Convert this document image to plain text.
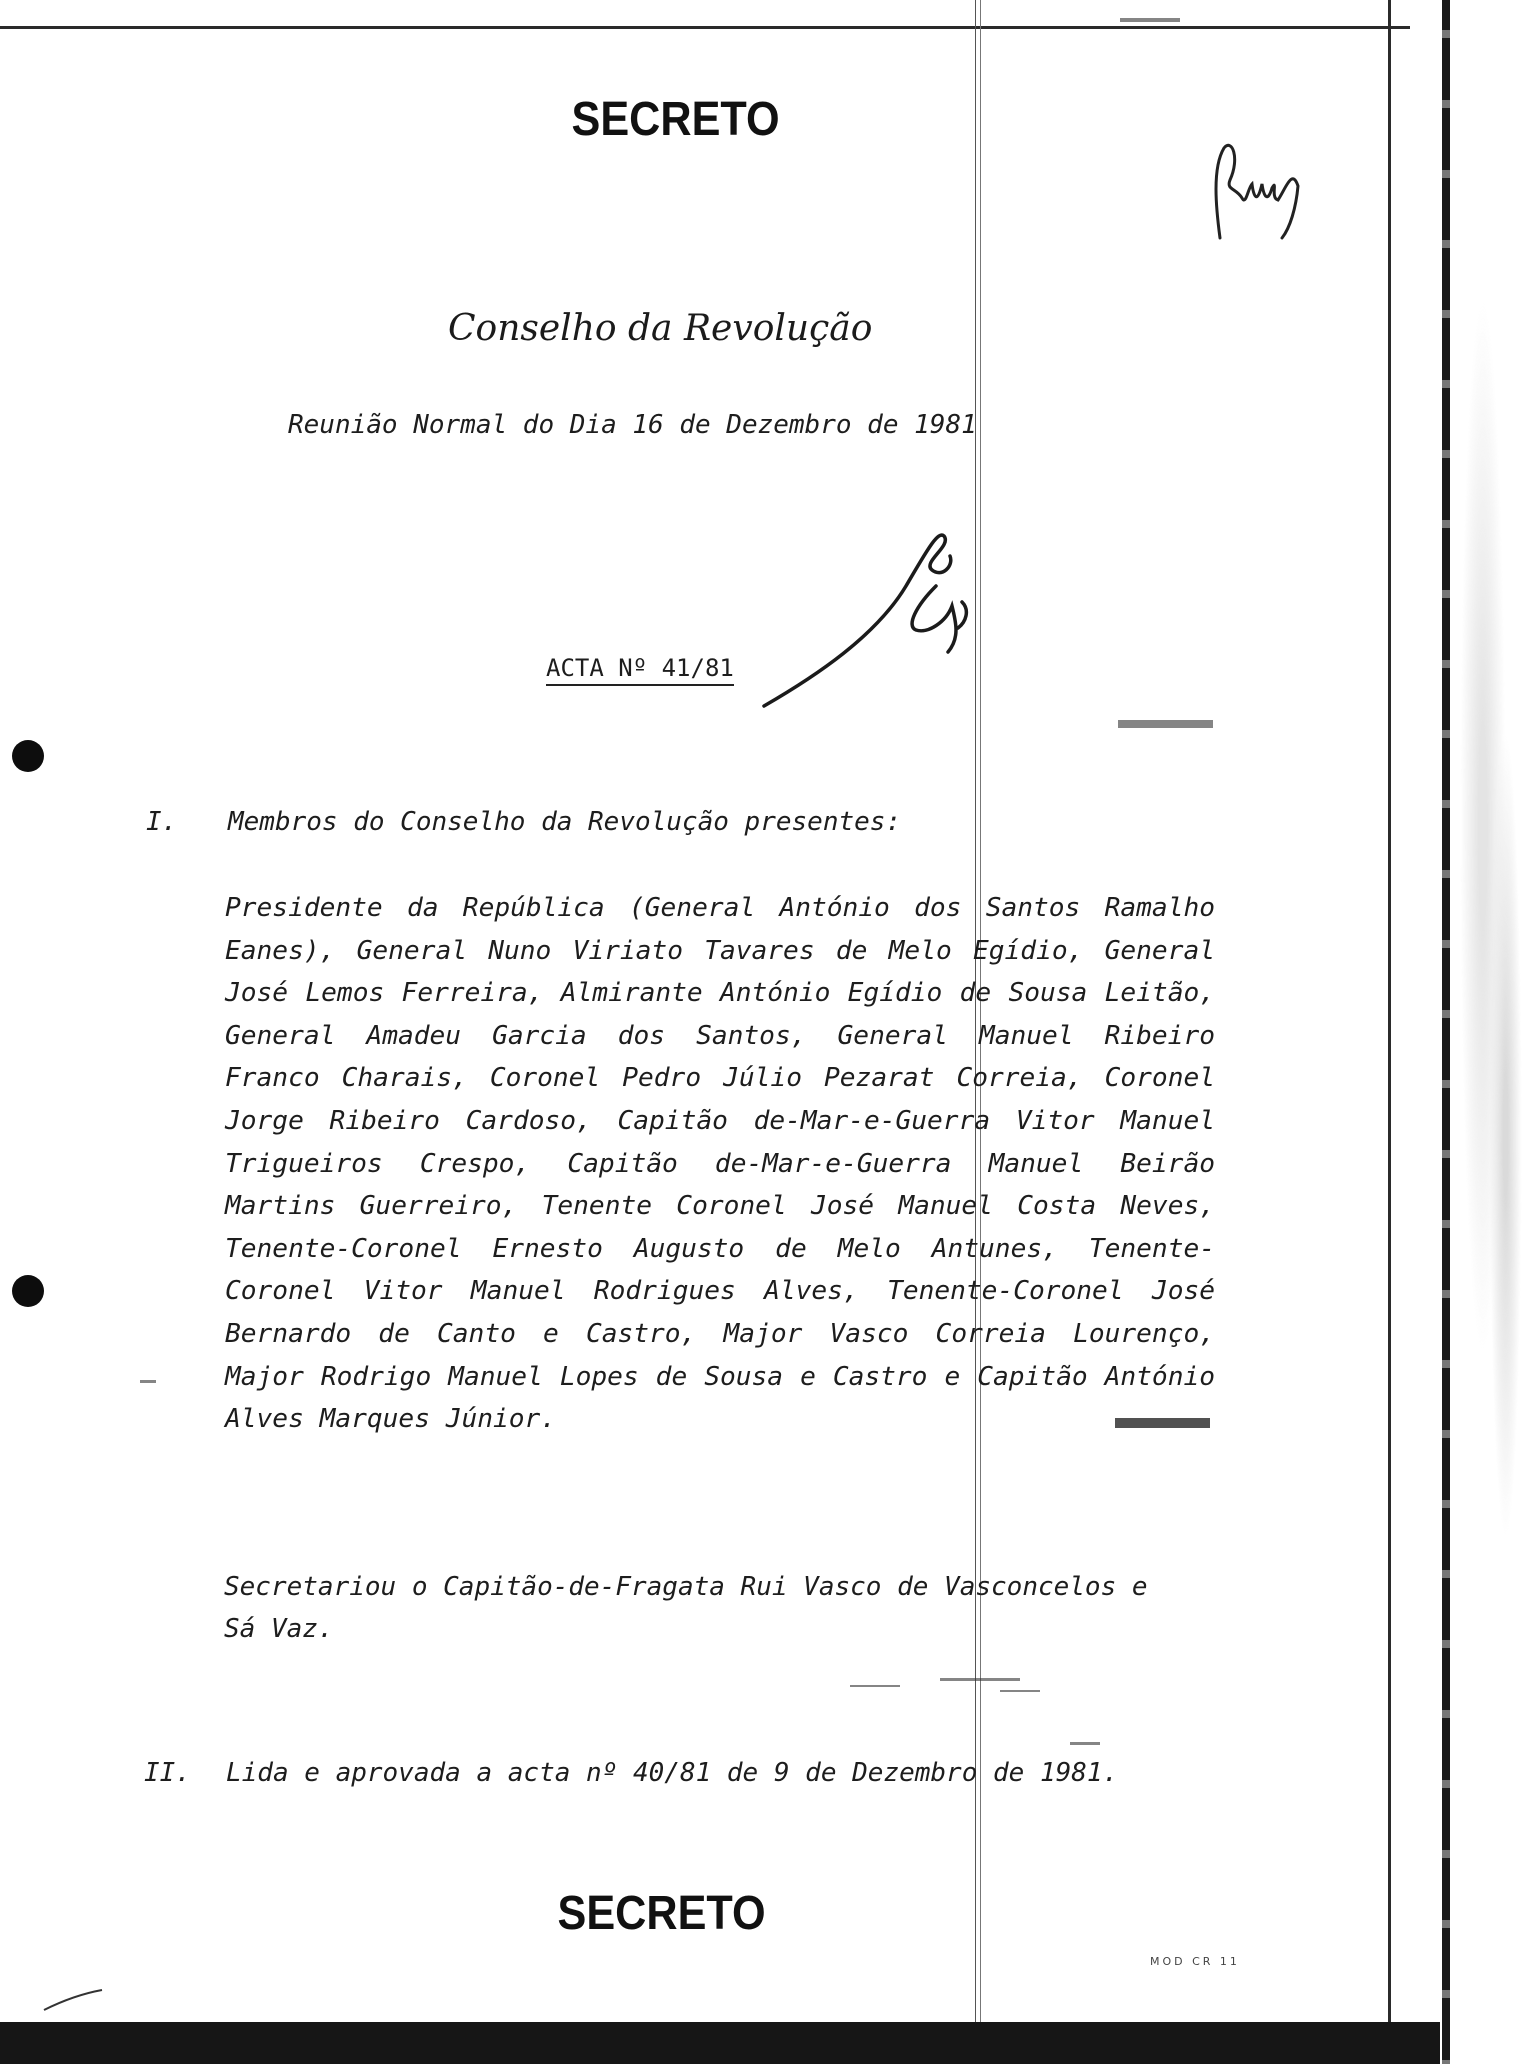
SECRETO
Conselho da Revolução
Reunião Normal do Dia 16 de Dezembro de 1981
ACTA Nº 41/81
I. Membros do Conselho da Revolução presentes:

Presidente da República (General António dos Santos Ramalho Eanes), General Nuno Viriato Tavares de Melo Egídio, General José Lemos Ferreira, Almirante António Egídio de Sousa Leitão, General Amadeu Garcia dos Santos, General Manuel Ribeiro Franco Charais, Coronel Pedro Júlio Pezarat Correia, Coronel Jorge Ribeiro Cardoso, Capitão de-Mar-e-Guerra Vitor Manuel Trigueiros Crespo, Capitão de-Mar-e-Guerra Manuel Beirão Martins Guerreiro, Tenente Coronel José Manuel Costa Neves, Tenente-Coronel Ernesto Augusto de Melo Antunes, Tenente-Coronel Vitor Manuel Rodrigues Alves, Tenente-Coronel José Bernardo de Canto e Castro, Major Vasco Correia Lourenço, Major Rodrigo Manuel Lopes de Sousa e Castro e Capitão António Alves Marques Júnior.

Secretariou o Capitão-de-Fragata Rui Vasco de Vasconcelos e Sá Vaz.

II. Lida e aprovada a acta nº 40/81 de 9 de Dezembro de 1981.
SECRETO
MOD CR 11
